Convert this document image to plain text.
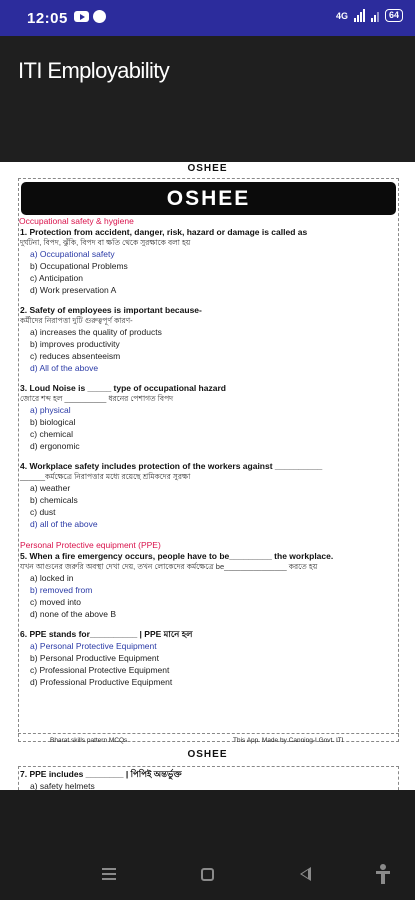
12:05	4G	64
ITI Employability
OSHEE
OSHEE
Occupational safety & hygiene
1. Protection from accident, danger, risk, hazard or damage is called as
দুর্ঘটনা, বিপদ, ঝুঁকি, বিপদ বা ক্ষতি থেকে সুরক্ষাকে বলা হয়
a) Occupational safety
b) Occupational Problems
c) Anticipation
d) Work preservation A
2. Safety of employees is important because-
কর্মীদের নিরাপত্তা দুটি গুরুত্বপূর্ণ কারণ-
a) increases the quality of products
b) improves productivity
c) reduces absenteeism
d) All of the above
3. Loud Noise is _____ type of occupational hazard
জোরে শব্দ হল __________ ধরনের পেশাগত বিপদ
a) physical
b) biological
c) chemical
d) ergonomic
4. Workplace safety includes protection of the workers against __________
______কর্মক্ষেত্রে নিরাপত্তার মধ্যে রয়েছে শ্রমিকদের সুরক্ষা
a) weather
b) chemicals
c) dust
d) all of the above
Personal Protective equipment (PPE)
5. When a fire emergency occurs, people have to be_________ the workplace.
যখন আগুনের জরুরি অবস্থা দেখা দেয়, তখন লোকেদের কর্মক্ষেত্রে be_______________ করতে হয়
a) locked in
b) removed from
c) moved into
d) none of the above B
6. PPE stands for__________ | PPE মানে হল
a) Personal Protective Equipment
b) Personal Productive Equipment
c) Professional Protective Equipment
d) Professional Productive Equipment
Bharat skills pattern MCQs	This App. Made by Canning-I Govt. ITI
OSHEE
7. PPE includes ________ | পিপিই অন্তর্ভুক্ত
a) safety helmets
